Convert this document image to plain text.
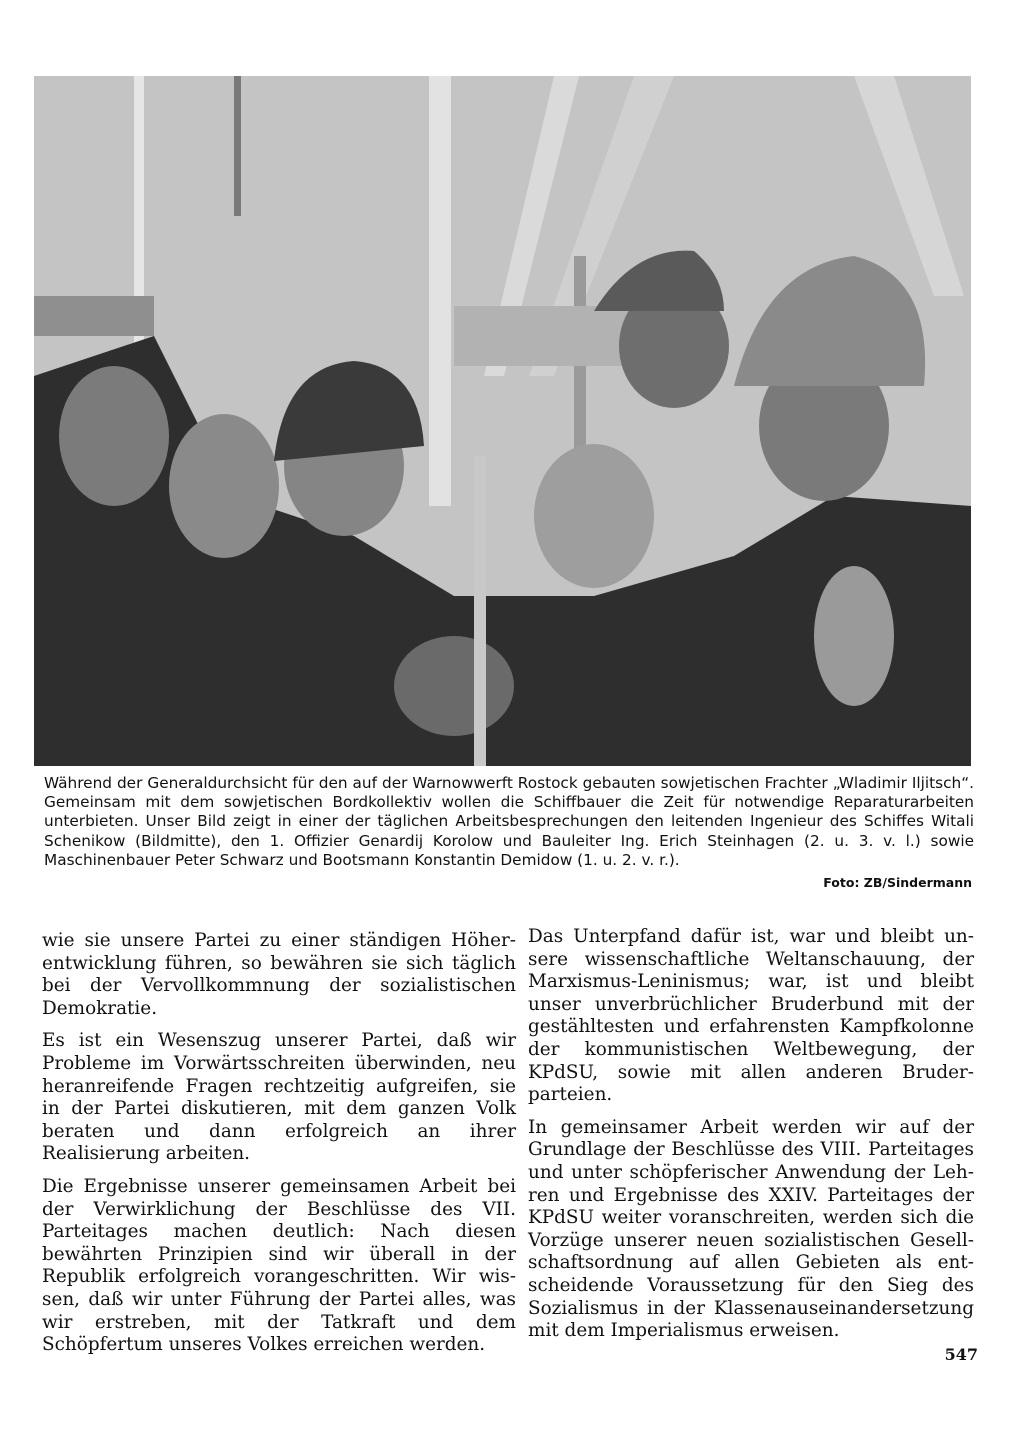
Während der Generaldurchsicht für den auf der Warnowwerft Rostock gebauten sowjetischen Frachter „Wladimir Iljitsch“. Gemeinsam mit dem sowjetischen Bordkollektiv wollen die Schiffbauer die Zeit für notwendige Reparaturarbeiten unterbieten. Unser Bild zeigt in einer der täglichen Arbeitsbesprechungen den leitenden Ingenieur des Schiffes Witali Schenikow (Bildmitte), den 1. Offizier Genardij Korolow und Bauleiter Ing. Erich Steinhagen (2. u. 3. v. l.) sowie Maschinenbauer Peter Schwarz und Bootsmann Konstantin Demidow (1. u. 2. v. r.).
Foto: ZB/Sindermann

wie sie unsere Partei zu einer ständigen Höherentwicklung führen, so bewähren sie sich täglich bei der Vervollkommnung der sozialistischen Demokratie.

Es ist ein Wesenszug unserer Partei, daß wir Probleme im Vorwärtsschreiten überwinden, neu heranreifende Fragen rechtzeitig aufgreifen, sie in der Partei diskutieren, mit dem ganzen Volk beraten und dann erfolgreich an ihrer Realisierung arbeiten.

Die Ergebnisse unserer gemeinsamen Arbeit bei der Verwirklichung der Beschlüsse des VII. Parteitages machen deutlich: Nach diesen bewährten Prinzipien sind wir überall in der Republik erfolgreich vorangeschritten. Wir wissen, daß wir unter Führung der Partei alles, was wir erstreben, mit der Tatkraft und dem Schöpfertum unseres Volkes erreichen werden.

Das Unterpfand dafür ist, war und bleibt unsere wissenschaftliche Weltanschauung, der Marxismus-Leninismus; war, ist und bleibt unser unverbrüchlicher Bruderbund mit der gestähltesten und erfahrensten Kampfkolonne der kommunistischen Weltbewegung, der KPdSU, sowie mit allen anderen Bruderparteien.

In gemeinsamer Arbeit werden wir auf der Grundlage der Beschlüsse des VIII. Parteitages und unter schöpferischer Anwendung der Lehren und Ergebnisse des XXIV. Parteitages der KPdSU weiter voranschreiten, werden sich die Vorzüge unserer neuen sozialistischen Gesellschaftsordnung auf allen Gebieten als entscheidende Voraussetzung für den Sieg des Sozialismus in der Klassenauseinandersetzung mit dem Imperialismus erweisen.

547
